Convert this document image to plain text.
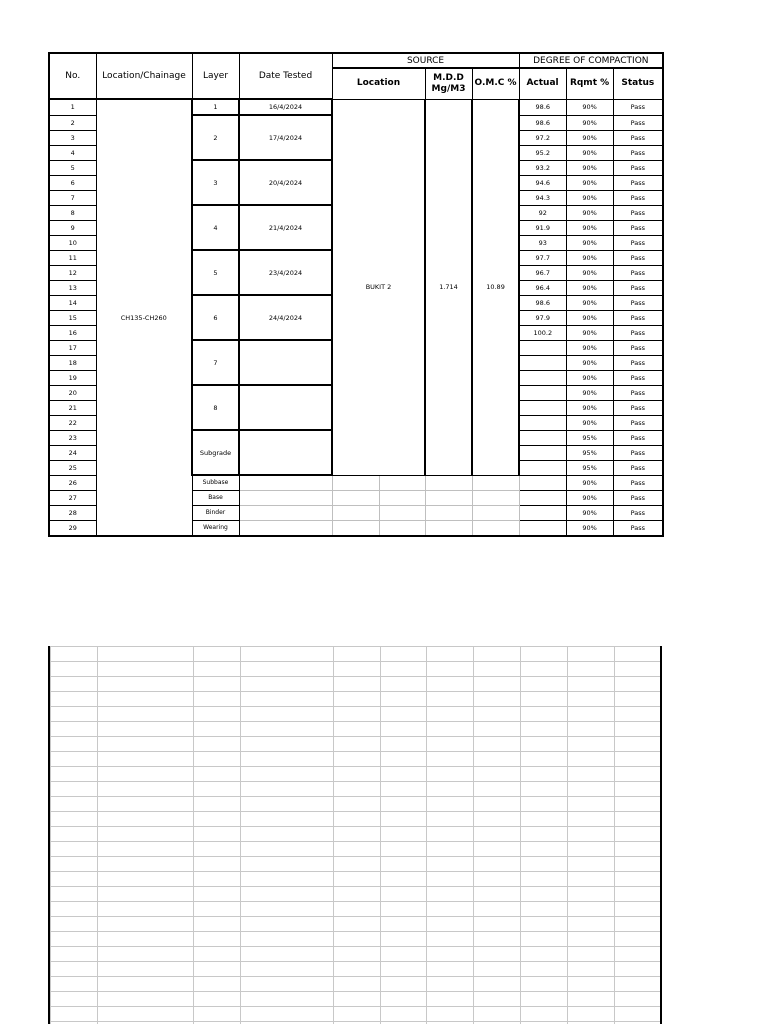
No.	Location/Chainage	Layer	Date Tested	SOURCE				DEGREE OF COMPACTION		
				Location		M.D.D Mg/M3	O.M.C %	Actual	Rqmt %	Status
1	CH135-CH260	1	16/4/2024	BUKIT 2		1.714	10.89	98.6	90%	Pass
2		2	17/4/2024					98.6	90%	Pass
3								97.2	90%	Pass
4								95.2	90%	Pass
5		3	20/4/2024					93.2	90%	Pass
6								94.6	90%	Pass
7								94.3	90%	Pass
8		4	21/4/2024					92	90%	Pass
9								91.9	90%	Pass
10								93	90%	Pass
11		5	23/4/2024					97.7	90%	Pass
12								96.7	90%	Pass
13								96.4	90%	Pass
14		6	24/4/2024					98.6	90%	Pass
15								97.9	90%	Pass
16								100.2	90%	Pass
17		7							90%	Pass
18									90%	Pass
19									90%	Pass
20		8							90%	Pass
21									90%	Pass
22									90%	Pass
23		Subgrade							95%	Pass
24									95%	Pass
25									95%	Pass
26		Subbase							90%	Pass
27		Base							90%	Pass
28		Binder							90%	Pass
29		Wearing							90%	Pass
